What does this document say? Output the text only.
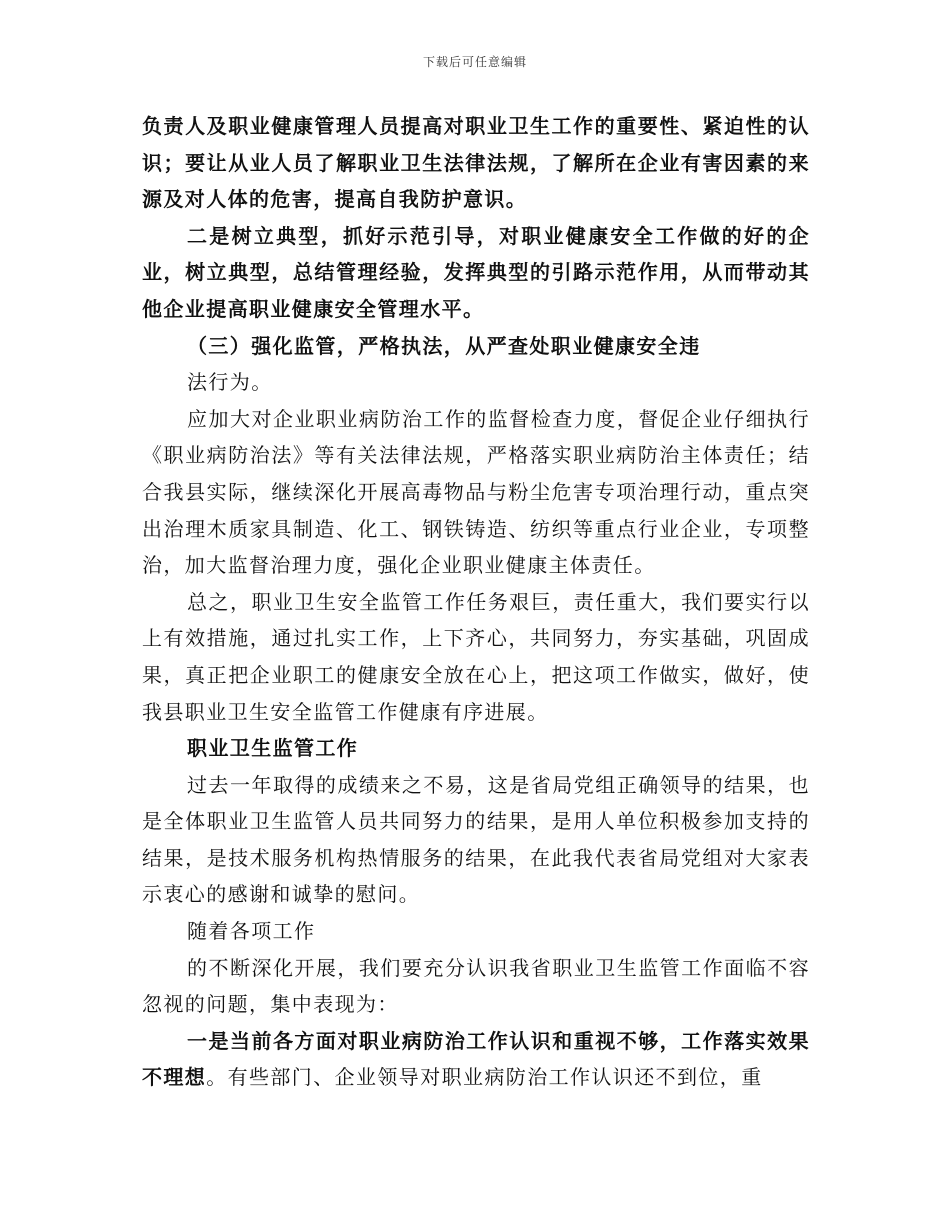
下载后可任意编辑

负责人及职业健康管理人员提高对职业卫生工作的重要性、紧迫性的认识；要让从业人员了解职业卫生法律法规，了解所在企业有害因素的来源及对人体的危害，提高自我防护意识。

二是树立典型，抓好示范引导，对职业健康安全工作做的好的企业，树立典型，总结管理经验，发挥典型的引路示范作用，从而带动其他企业提高职业健康安全管理水平。

（三）强化监管，严格执法，从严查处职业健康安全违

法行为。

应加大对企业职业病防治工作的监督检查力度，督促企业仔细执行《职业病防治法》等有关法律法规，严格落实职业病防治主体责任；结合我县实际，继续深化开展高毒物品与粉尘危害专项治理行动，重点突出治理木质家具制造、化工、钢铁铸造、纺织等重点行业企业，专项整治，加大监督治理力度，强化企业职业健康主体责任。

总之，职业卫生安全监管工作任务艰巨，责任重大，我们要实行以上有效措施，通过扎实工作，上下齐心，共同努力，夯实基础，巩固成果，真正把企业职工的健康安全放在心上，把这项工作做实，做好，使我县职业卫生安全监管工作健康有序进展。

职业卫生监管工作

过去一年取得的成绩来之不易，这是省局党组正确领导的结果，也是全体职业卫生监管人员共同努力的结果，是用人单位积极参加支持的结果，是技术服务机构热情服务的结果，在此我代表省局党组对大家表示衷心的感谢和诚挚的慰问。

随着各项工作

的不断深化开展，我们要充分认识我省职业卫生监管工作面临不容忽视的问题，集中表现为：

一是当前各方面对职业病防治工作认识和重视不够，工作落实效果不理想。有些部门、企业领导对职业病防治工作认识还不到位，重
